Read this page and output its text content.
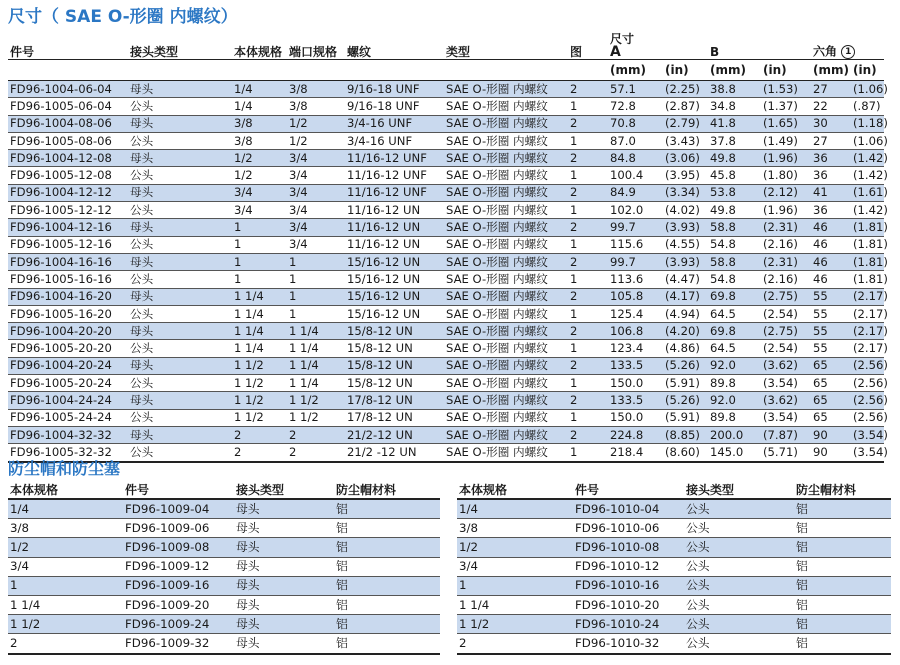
尺寸（ SAE O-形圈 内螺纹）
件号	接头类型	本体规格	端口规格	螺纹	类型	图	尺寸
A		B		六角 1	
							(mm)	(in)	(mm)	(in)	(mm)	(in)
FD96-1004-06-04	母头	1/4	3/8	9/16-18 UNF	SAE O-形圈 内螺纹	2	57.1	(2.25)	38.8	(1.53)	27	(1.06)
FD96-1005-06-04	公头	1/4	3/8	9/16-18 UNF	SAE O-形圈 内螺纹	1	72.8	(2.87)	34.8	(1.37)	22	(.87)
FD96-1004-08-06	母头	3/8	1/2	3/4-16 UNF	SAE O-形圈 内螺纹	2	70.8	(2.79)	41.8	(1.65)	30	(1.18)
FD96-1005-08-06	公头	3/8	1/2	3/4-16 UNF	SAE O-形圈 内螺纹	1	87.0	(3.43)	37.8	(1.49)	27	(1.06)
FD96-1004-12-08	母头	1/2	3/4	11/16-12 UNF	SAE O-形圈 内螺纹	2	84.8	(3.06)	49.8	(1.96)	36	(1.42)
FD96-1005-12-08	公头	1/2	3/4	11/16-12 UNF	SAE O-形圈 内螺纹	1	100.4	(3.95)	45.8	(1.80)	36	(1.42)
FD96-1004-12-12	母头	3/4	3/4	11/16-12 UNF	SAE O-形圈 内螺纹	2	84.9	(3.34)	53.8	(2.12)	41	(1.61)
FD96-1005-12-12	公头	3/4	3/4	11/16-12 UN	SAE O-形圈 内螺纹	1	102.0	(4.02)	49.8	(1.96)	36	(1.42)
FD96-1004-12-16	母头	1	3/4	11/16-12 UN	SAE O-形圈 内螺纹	2	99.7	(3.93)	58.8	(2.31)	46	(1.81)
FD96-1005-12-16	公头	1	3/4	11/16-12 UN	SAE O-形圈 内螺纹	1	115.6	(4.55)	54.8	(2.16)	46	(1.81)
FD96-1004-16-16	母头	1	1	15/16-12 UN	SAE O-形圈 内螺纹	2	99.7	(3.93)	58.8	(2.31)	46	(1.81)
FD96-1005-16-16	公头	1	1	15/16-12 UN	SAE O-形圈 内螺纹	1	113.6	(4.47)	54.8	(2.16)	46	(1.81)
FD96-1004-16-20	母头	1 1/4	1	15/16-12 UN	SAE O-形圈 内螺纹	2	105.8	(4.17)	69.8	(2.75)	55	(2.17)
FD96-1005-16-20	公头	1 1/4	1	15/16-12 UN	SAE O-形圈 内螺纹	1	125.4	(4.94)	64.5	(2.54)	55	(2.17)
FD96-1004-20-20	母头	1 1/4	1 1/4	15/8-12 UN	SAE O-形圈 内螺纹	2	106.8	(4.20)	69.8	(2.75)	55	(2.17)
FD96-1005-20-20	公头	1 1/4	1 1/4	15/8-12 UN	SAE O-形圈 内螺纹	1	123.4	(4.86)	64.5	(2.54)	55	(2.17)
FD96-1004-20-24	母头	1 1/2	1 1/4	15/8-12 UN	SAE O-形圈 内螺纹	2	133.5	(5.26)	92.0	(3.62)	65	(2.56)
FD96-1005-20-24	公头	1 1/2	1 1/4	15/8-12 UN	SAE O-形圈 内螺纹	1	150.0	(5.91)	89.8	(3.54)	65	(2.56)
FD96-1004-24-24	母头	1 1/2	1 1/2	17/8-12 UN	SAE O-形圈 内螺纹	2	133.5	(5.26)	92.0	(3.62)	65	(2.56)
FD96-1005-24-24	公头	1 1/2	1 1/2	17/8-12 UN	SAE O-形圈 内螺纹	1	150.0	(5.91)	89.8	(3.54)	65	(2.56)
FD96-1004-32-32	母头	2	2	21/2-12 UN	SAE O-形圈 内螺纹	2	224.8	(8.85)	200.0	(7.87)	90	(3.54)
FD96-1005-32-32	公头	2	2	21/2 -12 UN	SAE O-形圈 内螺纹	1	218.4	(8.60)	145.0	(5.71)	90	(3.54)
防尘帽和防尘塞
本体规格	件号	接头类型	防尘帽材料
1/4	FD96-1009-04	母头	铝
3/8	FD96-1009-06	母头	铝
1/2	FD96-1009-08	母头	铝
3/4	FD96-1009-12	母头	铝
1	FD96-1009-16	母头	铝
1 1/4	FD96-1009-20	母头	铝
1 1/2	FD96-1009-24	母头	铝
2	FD96-1009-32	母头	铝
本体规格	件号	接头类型	防尘帽材料
1/4	FD96-1010-04	公头	铝
3/8	FD96-1010-06	公头	铝
1/2	FD96-1010-08	公头	铝
3/4	FD96-1010-12	公头	铝
1	FD96-1010-16	公头	铝
1 1/4	FD96-1010-20	公头	铝
1 1/2	FD96-1010-24	公头	铝
2	FD96-1010-32	公头	铝
